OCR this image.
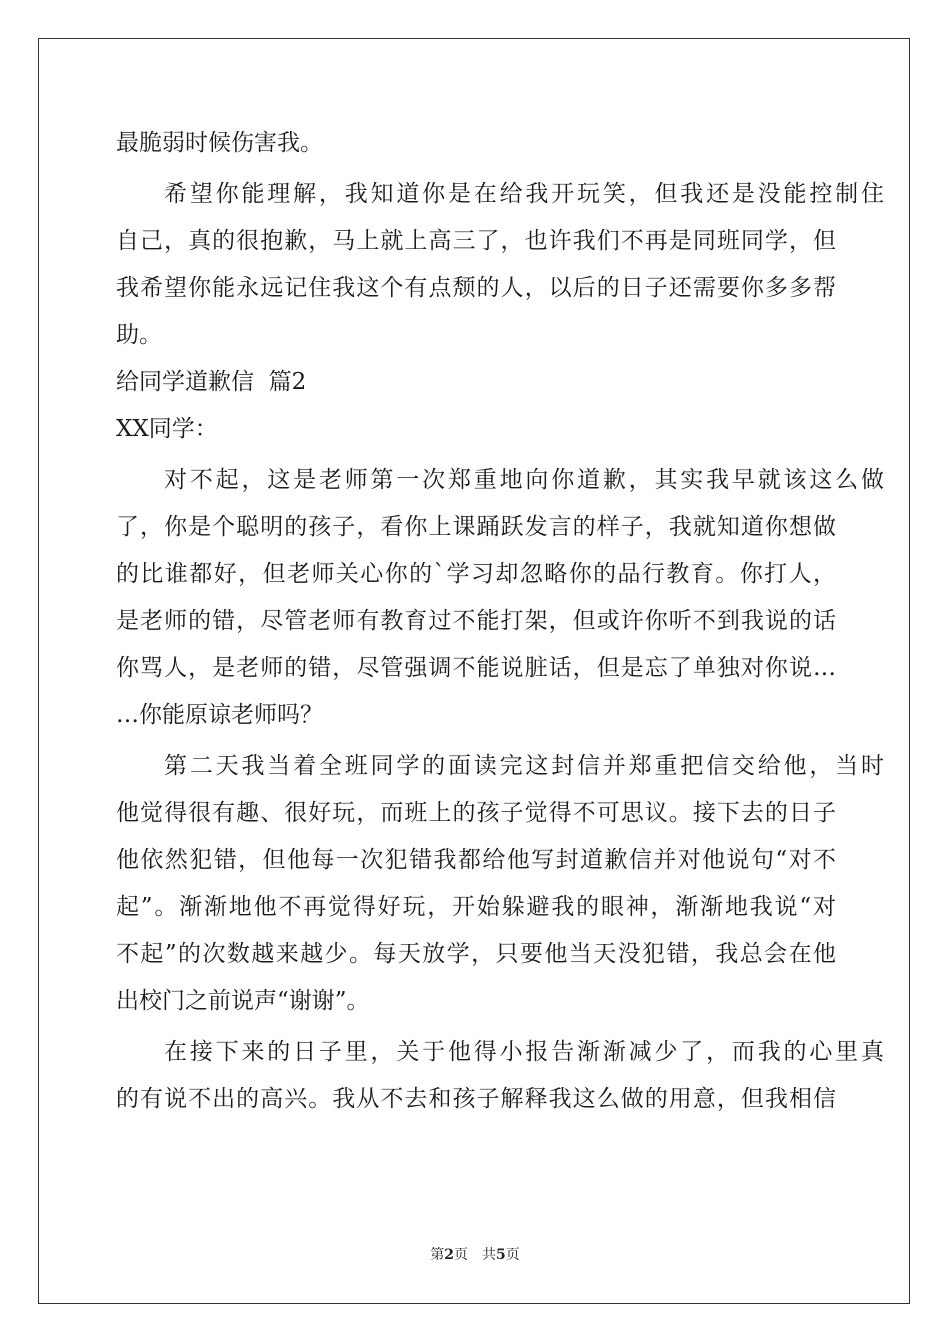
最脆弱时候伤害我。

希望你能理解，我知道你是在给我开玩笑，但我还是没能控制住

自己，真的很抱歉，马上就上高三了，也许我们不再是同班同学，但

我希望你能永远记住我这个有点颓的人，以后的日子还需要你多多帮

助。

给同学道歉信  篇2

XX同学：

对不起，这是老师第一次郑重地向你道歉，其实我早就该这么做

了，你是个聪明的孩子，看你上课踊跃发言的样子，我就知道你想做

的比谁都好，但老师关心你的`学习却忽略你的品行教育。你打人，

是老师的错，尽管老师有教育过不能打架，但或许你听不到我说的话

你骂人，是老师的错，尽管强调不能说脏话，但是忘了单独对你说…

…你能原谅老师吗？

第二天我当着全班同学的面读完这封信并郑重把信交给他，当时

他觉得很有趣、很好玩，而班上的孩子觉得不可思议。接下去的日子

他依然犯错，但他每一次犯错我都给他写封道歉信并对他说句“对不

起”。渐渐地他不再觉得好玩，开始躲避我的眼神，渐渐地我说“对

不起”的次数越来越少。每天放学，只要他当天没犯错，我总会在他

出校门之前说声“谢谢”。

在接下来的日子里，关于他得小报告渐渐减少了，而我的心里真

的有说不出的高兴。我从不去和孩子解释我这么做的用意，但我相信

第2页 共5页
